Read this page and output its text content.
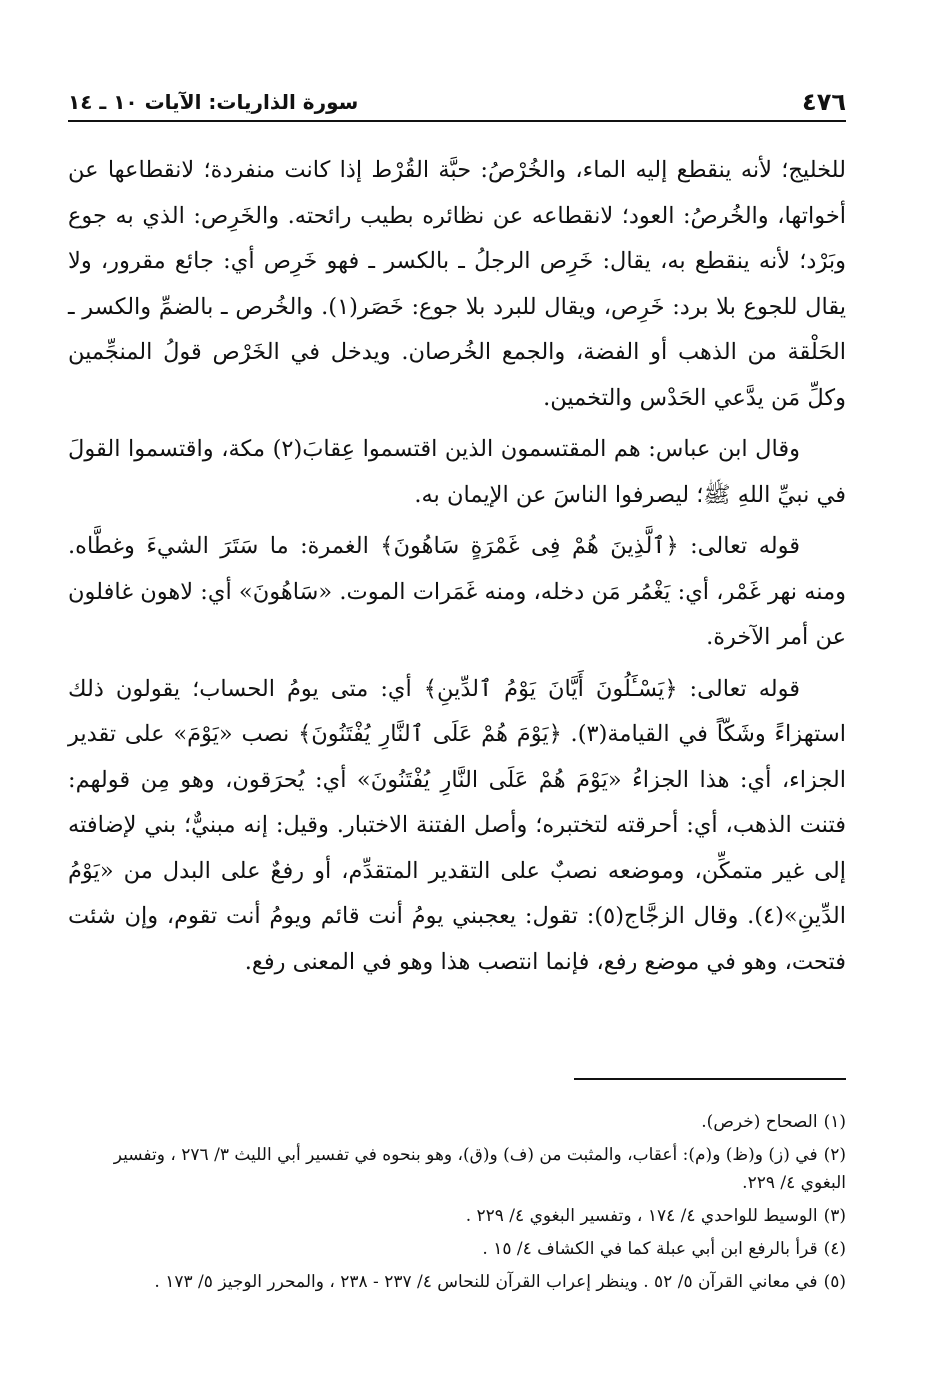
٤٧٦
سورة الذاريات: الآيات ١٠ ـ ١٤

للخليج؛ لأنه ينقطع إليه الماء، والخُرْصُ: حبَّة القُرْط إذا كانت منفردة؛ لانقطاعها عن أخواتها، والخُرصُ: العود؛ لانقطاعه عن نظائره بطيب رائحته. والخَرِص: الذي به جوع وبَرْد؛ لأنه ينقطع به، يقال: خَرِص الرجلُ ـ بالكسر ـ فهو خَرِص أي: جائع مقرور، ولا يقال للجوع بلا برد: خَرِص، ويقال للبرد بلا جوع: خَصَر(١). والخُرص ـ بالضمِّ والكسر ـ الحَلْقة من الذهب أو الفضة، والجمع الخُرصان. ويدخل في الخَرْص قولُ المنجِّمين وكلِّ مَن يدَّعي الحَدْس والتخمين.

وقال ابن عباس: هم المقتسمون الذين اقتسموا عِقابَ(٢) مكة، واقتسموا القولَ في نبيِّ اللهِ ﷺ؛ ليصرفوا الناسَ عن الإيمان به.

قوله تعالى: ﴿ٱلَّذِينَ هُمْ فِى غَمْرَةٍ سَاهُونَ﴾ الغمرة: ما سَتَرَ الشيءَ وغطَّاه. ومنه نهر غَمْر، أي: يَغْمُر مَن دخله، ومنه غَمَرات الموت. «سَاهُونَ» أي: لاهون غافلون عن أمر الآخرة.

قوله تعالى: ﴿يَسْـَٔلُونَ أَيَّانَ يَوْمُ ٱلدِّينِ﴾ أي: متى يومُ الحساب؛ يقولون ذلك استهزاءً وشَكّاً في القيامة(٣). ﴿يَوْمَ هُمْ عَلَى ٱلنَّارِ يُفْتَنُونَ﴾ نصب «يَوْمَ» على تقدير الجزاء، أي: هذا الجزاءُ «يَوْمَ هُمْ عَلَى النَّارِ يُفْتَنُونَ» أي: يُحرَقون، وهو مِن قولهم: فتنت الذهب، أي: أحرقته لتختبره؛ وأصل الفتنة الاختبار. وقيل: إنه مبنيٌّ؛ بني لإضافته إلى غير متمكِّن، وموضعه نصبٌ على التقدير المتقدِّم، أو رفعٌ على البدل من «يَوْمُ الدِّينِ»(٤). وقال الزجَّاج(٥): تقول: يعجبني يومُ أنت قائم ويومُ أنت تقوم، وإن شئت فتحت، وهو في موضع رفع، فإنما انتصب هذا وهو في المعنى رفع.

(١)الصحاح (خرص).

(٢)في (ز) و(ظ) و(م): أعقاب، والمثبت من (ف) و(ق)، وهو بنحوه في تفسير أبي الليث ٣/ ٢٧٦ ، وتفسير البغوي ٤/ ٢٢٩.

(٣)الوسيط للواحدي ٤/ ١٧٤ ، وتفسير البغوي ٤/ ٢٢٩ .

(٤)قرأ بالرفع ابن أبي عبلة كما في الكشاف ٤/ ١٥ .

(٥)في معاني القرآن ٥/ ٥٢ . وينظر إعراب القرآن للنحاس ٤/ ٢٣٧ - ٢٣٨ ، والمحرر الوجيز ٥/ ١٧٣ .
